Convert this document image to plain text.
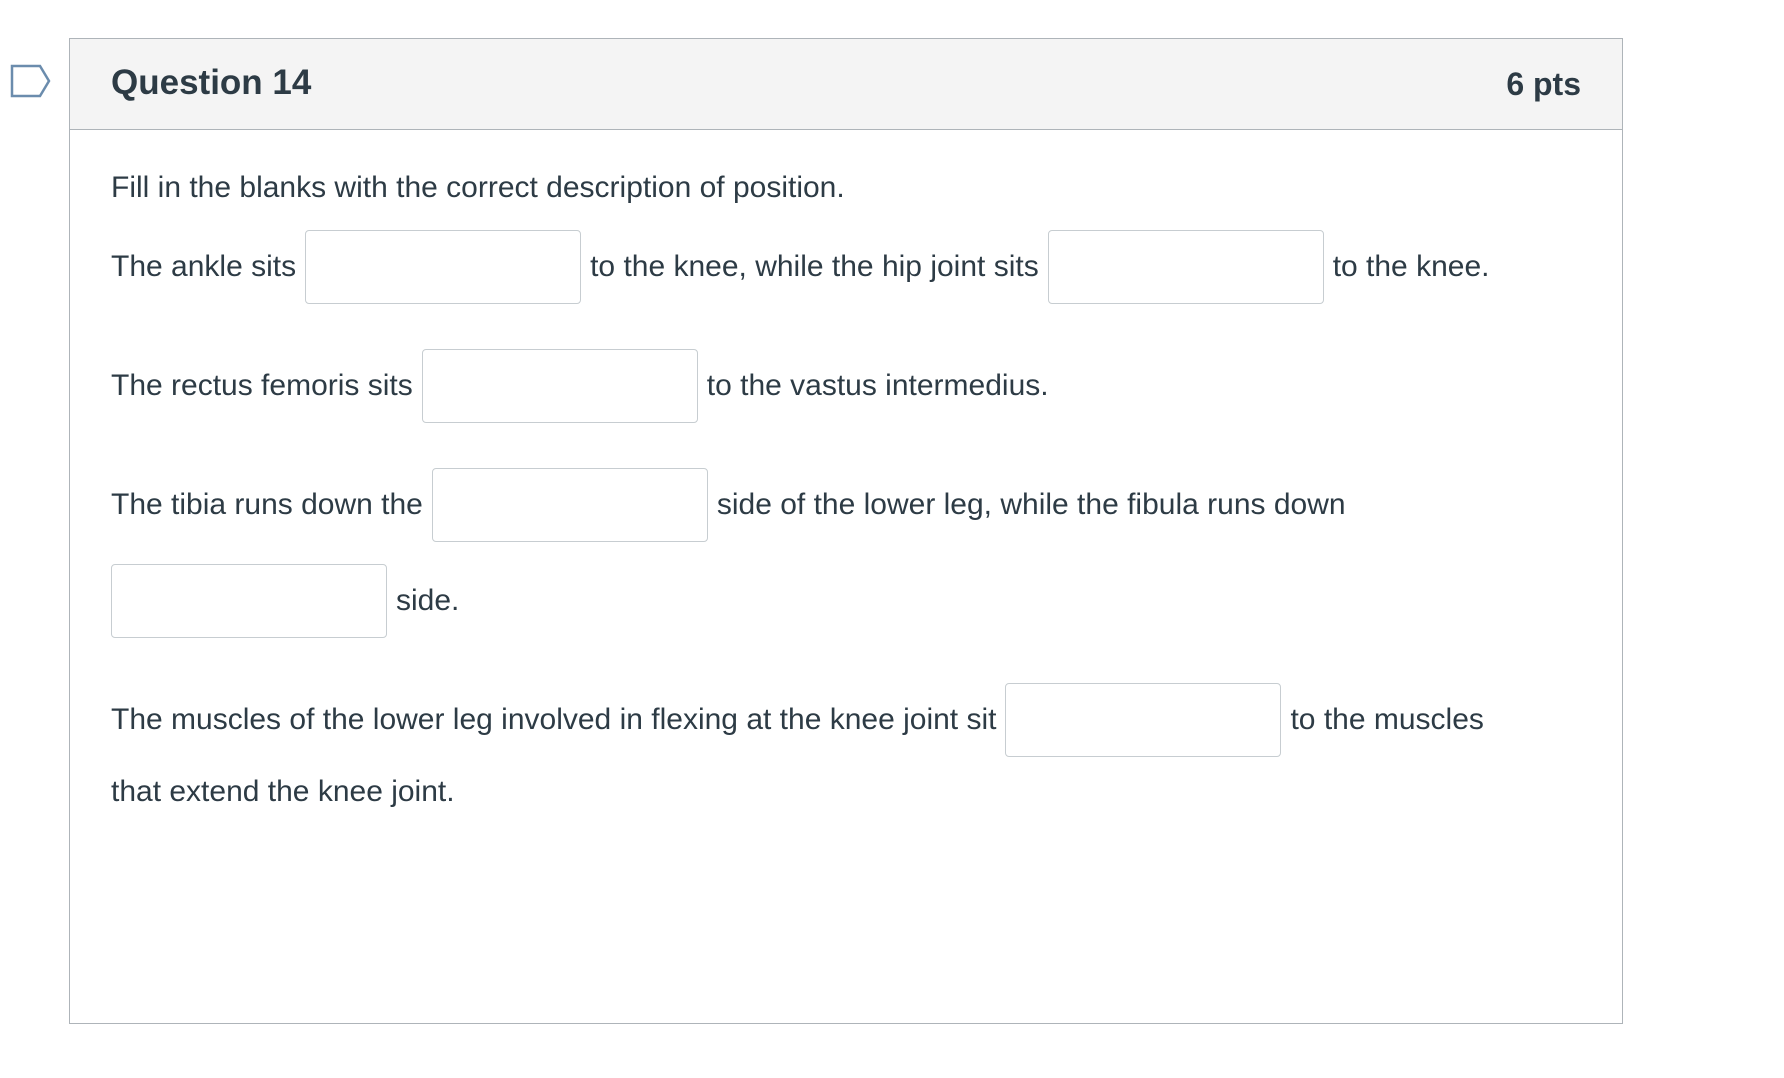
Question 14	6 pts
Fill in the blanks with the correct description of position.
The ankle sits	to the knee, while the hip joint sits	to the knee.
The rectus femoris sits	to the vastus intermedius.
The tibia runs down the	side of the lower leg, while the fibula runs down
side.
The muscles of the lower leg involved in flexing at the knee joint sit	to the muscles
that extend the knee joint.
